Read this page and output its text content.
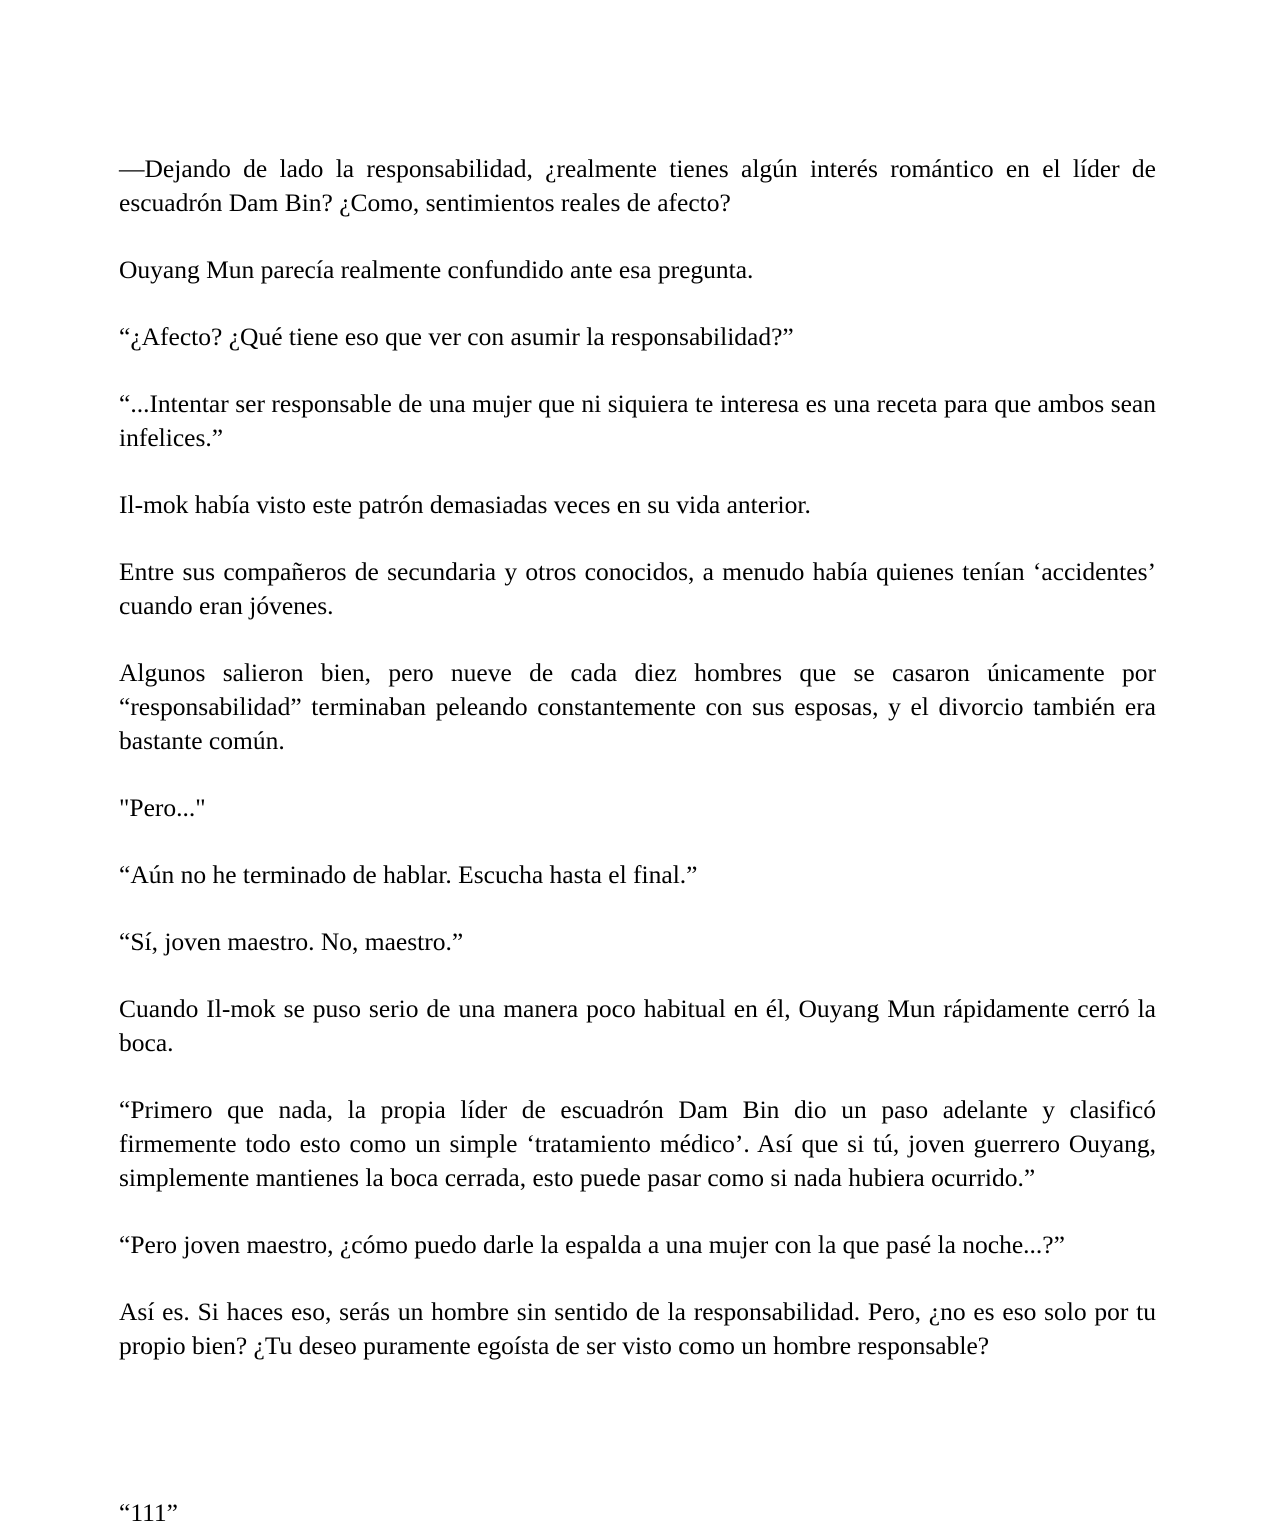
—Dejando de lado la responsabilidad, ¿realmente tienes algún interés romántico en el líder de escuadrón Dam Bin? ¿Como, sentimientos reales de afecto?

Ouyang Mun parecía realmente confundido ante esa pregunta.

“¿Afecto? ¿Qué tiene eso que ver con asumir la responsabilidad?”

“...Intentar ser responsable de una mujer que ni siquiera te interesa es una receta para que ambos sean infelices.”

Il-mok había visto este patrón demasiadas veces en su vida anterior.

Entre sus compañeros de secundaria y otros conocidos, a menudo había quienes tenían ‘accidentes’ cuando eran jóvenes.

Algunos salieron bien, pero nueve de cada diez hombres que se casaron únicamente por “responsabilidad” terminaban peleando constantemente con sus esposas, y el divorcio también era bastante común.

"Pero..."

“Aún no he terminado de hablar. Escucha hasta el final.”

“Sí, joven maestro. No, maestro.”

Cuando Il-mok se puso serio de una manera poco habitual en él, Ouyang Mun rápidamente cerró la boca.

“Primero que nada, la propia líder de escuadrón Dam Bin dio un paso adelante y clasificó firmemente todo esto como un simple ‘tratamiento médico’. Así que si tú, joven guerrero Ouyang, simplemente mantienes la boca cerrada, esto puede pasar como si nada hubiera ocurrido.”

“Pero joven maestro, ¿cómo puedo darle la espalda a una mujer con la que pasé la noche...?”

Así es. Si haces eso, serás un hombre sin sentido de la responsabilidad. Pero, ¿no es eso solo por tu propio bien? ¿Tu deseo puramente egoísta de ser visto como un hombre responsable?

“111”
